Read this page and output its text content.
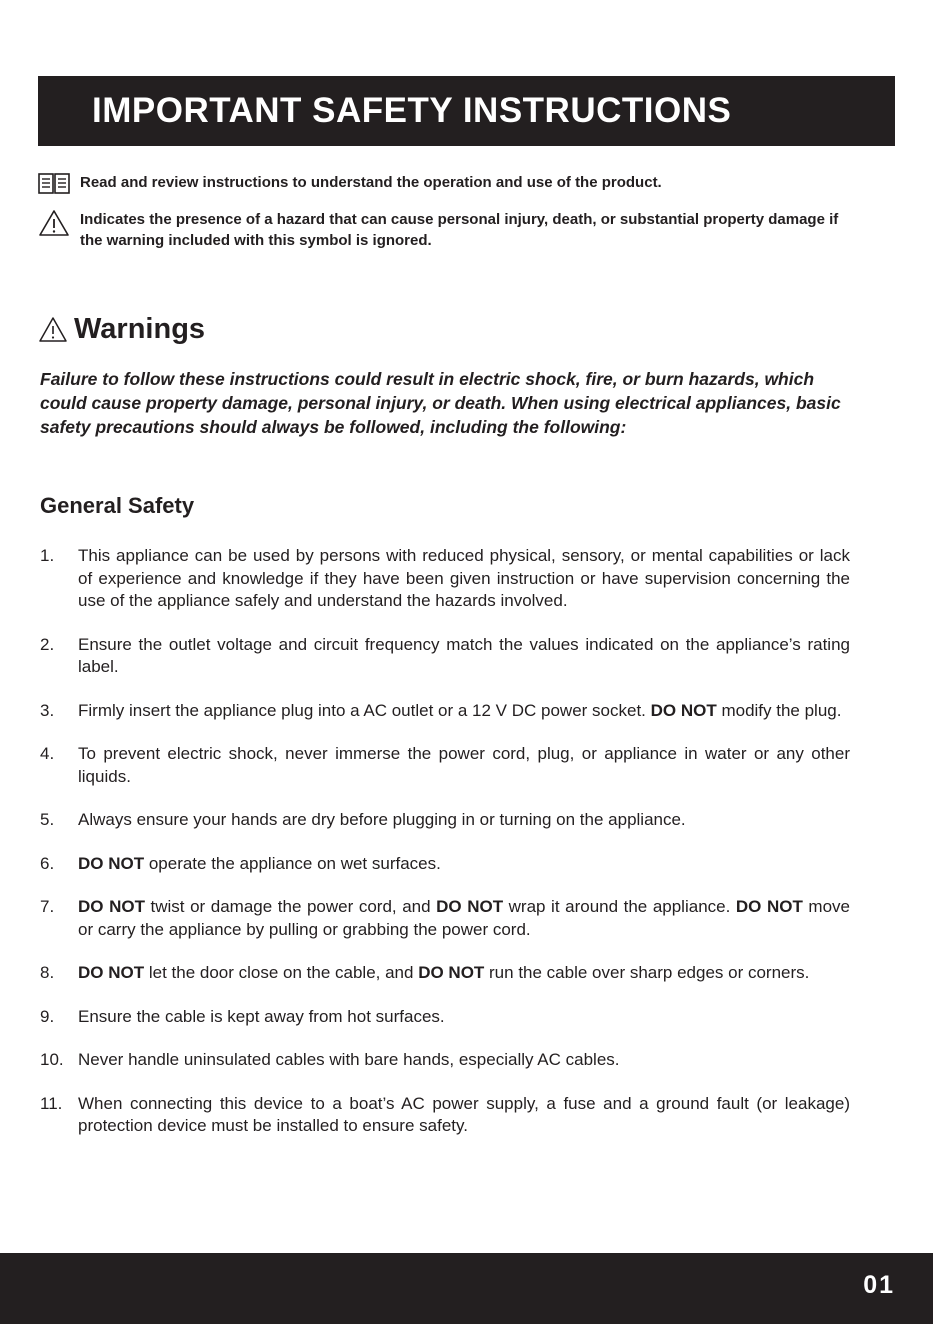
IMPORTANT SAFETY INSTRUCTIONS
Read and review instructions to understand the operation and use of the product.
Indicates the presence of a hazard that can cause personal injury, death, or substantial property damage if the warning included with this symbol is ignored.
Warnings

Failure to follow these instructions could result in electric shock, fire, or burn hazards, which could cause property damage, personal injury, or death. When using electrical appliances, basic safety precautions should always be followed, including the following:

General Safety
1.	This appliance can be used by persons with reduced physical, sensory, or mental capabilities or lack of experience and knowledge if they have been given instruction or have supervision concerning the use of the appliance safely and understand the hazards involved.
2.	Ensure the outlet voltage and circuit frequency match the values indicated on the appliance’s rating label.
3.	Firmly insert the appliance plug into a AC outlet or a 12 V DC power socket. DO NOT modify the plug.
4.	To prevent electric shock, never immerse the power cord, plug, or appliance in water or any other liquids.
5.	Always ensure your hands are dry before plugging in or turning on the appliance.
6.	DO NOT operate the appliance on wet surfaces.
7.	DO NOT twist or damage the power cord, and DO NOT wrap it around the appliance. DO NOT move or carry the appliance by pulling or grabbing the power cord.
8.	DO NOT let the door close on the cable, and DO NOT run the cable over sharp edges or corners.
9.	Ensure the cable is kept away from hot surfaces.
10. Never handle uninsulated cables with bare hands, especially AC cables.
11. When connecting this device to a boat’s AC power supply, a fuse and a ground fault (or leakage) protection device must be installed to ensure safety.
01
